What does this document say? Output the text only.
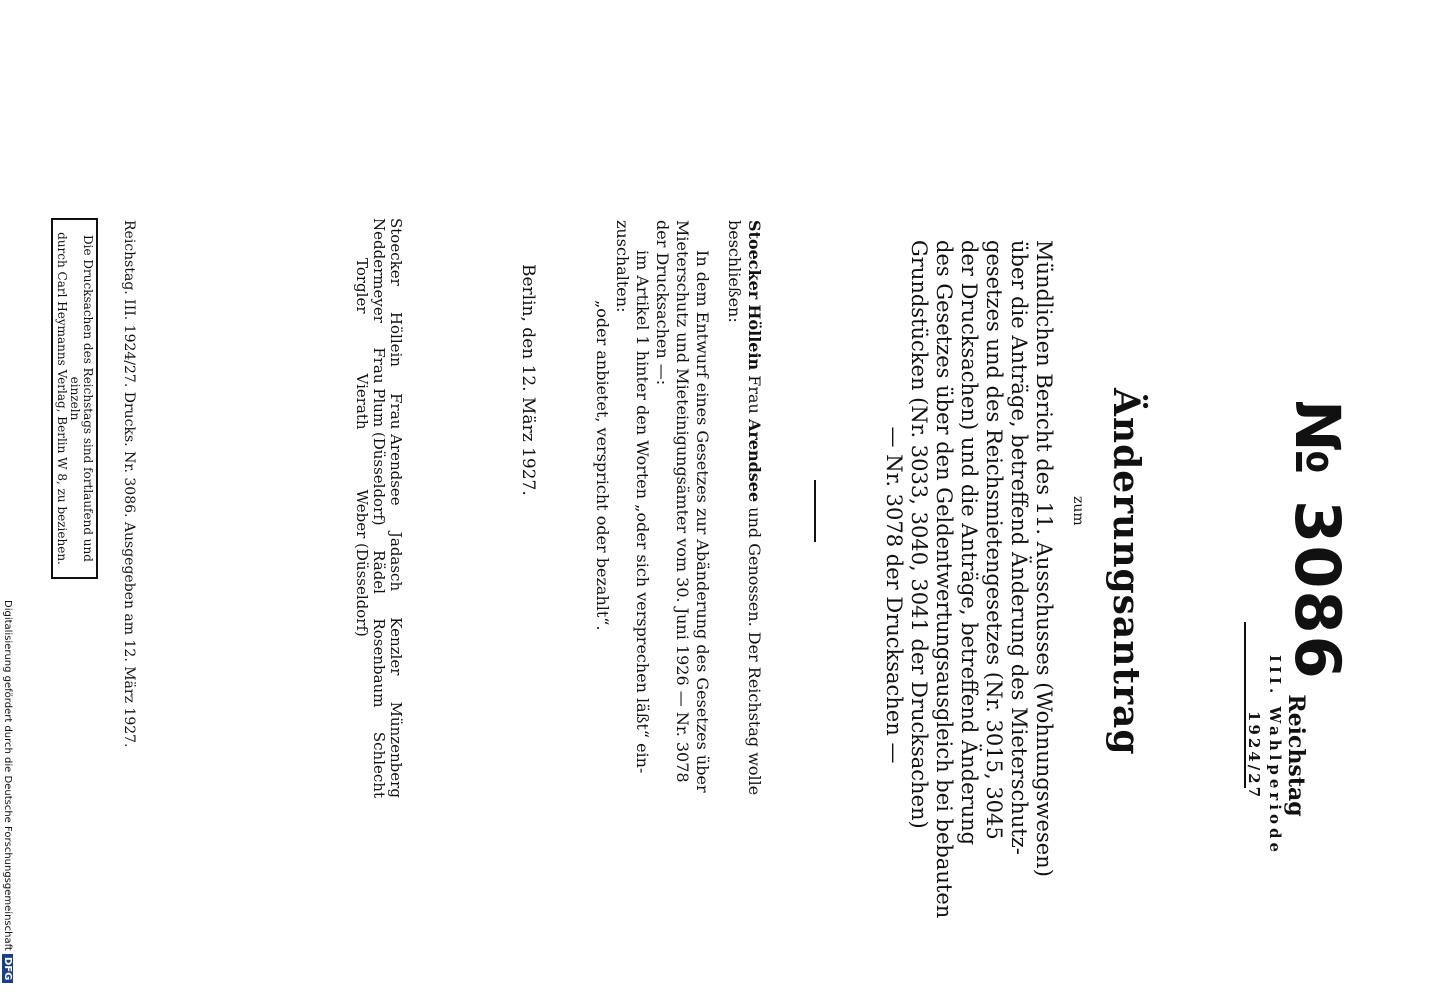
№ 3086
Reichstag
III. Wahlperiode
1924/27
Änderungsantrag
zum
Mündlichen Bericht des 11. Ausschusses (Wohnungswesen)
über die Anträge, betreffend Änderung des Mieterschutz-
gesetzes und des Reichsmietengesetzes (Nr. 3015, 3045
der Drucksachen) und die Anträge, betreffend Änderung
des Gesetzes über den Geldentwertungsausgleich bei bebauten
Grundstücken (Nr. 3033, 3040, 3041 der Drucksachen)
— Nr. 3078 der Drucksachen —
Stoecker Höllein Frau Arendsee und Genossen. Der Reichstag wolle
beschließen:
In dem Entwurf eines Gesetzes zur Abänderung des Gesetzes über
Mieterschutz und Mieteinigungsämter vom 30. Juni 1926 — Nr. 3078
der Drucksachen —:
im Artikel 1 hinter den Worten „oder sich versprechen läßt“ ein-
zuschalten:
„oder anbietet, verspricht oder bezahlt“.
Berlin, den 12. März 1927.
Stoecker
Höllein
Frau Arendsee
Jadasch
Kenzler
Münzenberg
Neddermeyer
Frau Plum (Düsseldorf)
Rädel
Rosenbaum
Schlecht
Torgler
Vierath
Weber (Düsseldorf)
Reichstag. III. 1924/27. Drucks. Nr. 3086. Ausgegeben am 12. März 1927.
Die Drucksachen des Reichstags sind fortlaufend und einzeln
durch Carl Heymanns Verlag, Berlin W 8, zu beziehen.
Digitalisierung gefördert durch die Deutsche Forschungsgemeinschaft DFG
